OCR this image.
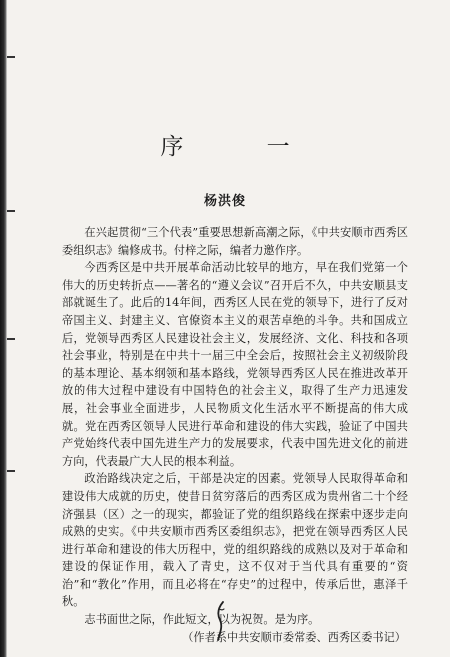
序 一
杨洪俊

在兴起贯彻“三个代表”重要思想新高潮之际，《中共安顺市西秀区委组织志》编修成书。付梓之际，编者力邀作序。

今西秀区是中共开展革命活动比较早的地方，早在我们党第一个伟大的历史转折点——著名的“遵义会议”召开后不久，中共安顺县支部就诞生了。此后的14年间，西秀区人民在党的领导下，进行了反对帝国主义、封建主义、官僚资本主义的艰苦卓绝的斗争。共和国成立后，党领导西秀区人民建设社会主义，发展经济、文化、科技和各项社会事业，特别是在中共十一届三中全会后，按照社会主义初级阶段的基本理论、基本纲领和基本路线，党领导西秀区人民在推进改革开放的伟大过程中建设有中国特色的社会主义，取得了生产力迅速发展，社会事业全面进步，人民物质文化生活水平不断提高的伟大成就。党在西秀区领导人民进行革命和建设的伟大实践，验证了中国共产党始终代表中国先进生产力的发展要求，代表中国先进文化的前进方向，代表最广大人民的根本利益。

政治路线决定之后，干部是决定的因素。党领导人民取得革命和建设伟大成就的历史，使昔日贫穷落后的西秀区成为贵州省二十个经济强县（区）之一的现实，都验证了党的组织路线在探索中逐步走向成熟的史实。《中共安顺市西秀区委组织志》，把党在领导西秀区人民进行革命和建设的伟大历程中，党的组织路线的成熟以及对于革命和建设的保证作用，载入了青史，这不仅对于当代具有重要的“资治”和“教化”作用，而且必将在“存史”的过程中，传承后世，惠泽千秋。

志书面世之际，作此短文，以为祝贺。是为序。

（作者系中共安顺市委常委、西秀区委书记）
